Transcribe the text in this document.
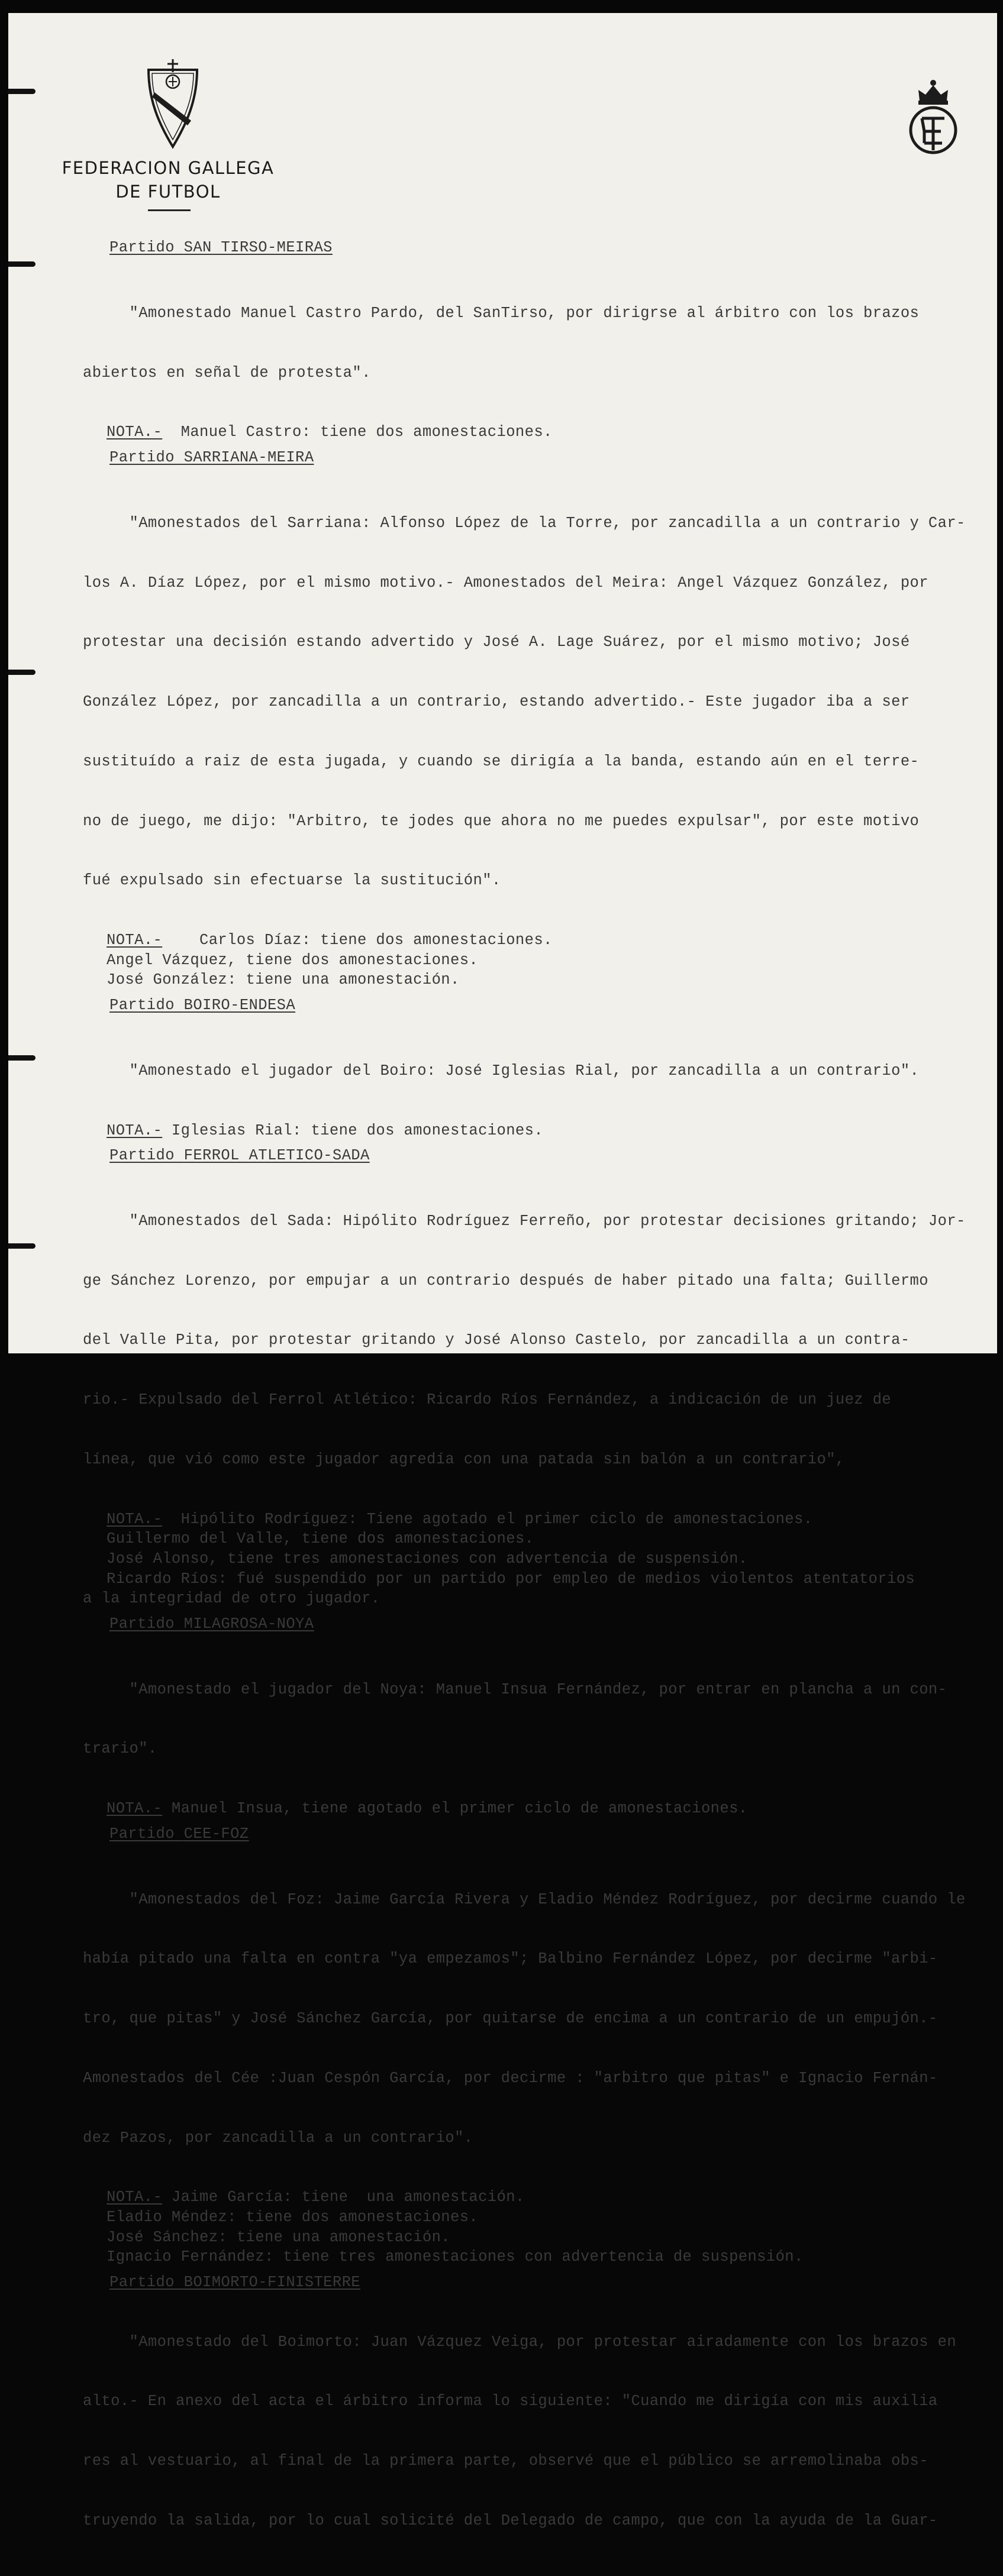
FEDERACION GALLEGA
DE FUTBOL
Partido SAN TIRSO-MEIRAS

"Amonestado Manuel Castro Pardo, del SanTirso, por dirigrse al árbitro con los brazos

abiertos en señal de protesta".

NOTA.- Manuel Castro: tiene dos amonestaciones.
Partido SARRIANA-MEIRA

"Amonestados del Sarriana: Alfonso López de la Torre, por zancadilla a un contrario y Car-

los A. Díaz López, por el mismo motivo.- Amonestados del Meira: Angel Vázquez González, por

protestar una decisión estando advertido y José A. Lage Suárez, por el mismo motivo; José

González López, por zancadilla a un contrario, estando advertido.- Este jugador iba a ser

sustituído a raiz de esta jugada, y cuando se dirigía a la banda, estando aún en el terre-

no de juego, me dijo: "Arbitro, te jodes que ahora no me puedes expulsar", por este motivo

fué expulsado sin efectuarse la sustitución".

NOTA.-    Carlos Díaz: tiene dos amonestaciones.
Angel Vázquez, tiene dos amonestaciones.
José González: tiene una amonestación.
Partido BOIRO-ENDESA

"Amonestado el jugador del Boiro: José Iglesias Rial, por zancadilla a un contrario".

NOTA.- Iglesias Rial: tiene dos amonestaciones.
Partido FERROL ATLETICO-SADA

"Amonestados del Sada: Hipólito Rodríguez Ferreño, por protestar decisiones gritando; Jor-

ge Sánchez Lorenzo, por empujar a un contrario después de haber pitado una falta; Guillermo

del Valle Pita, por protestar gritando y José Alonso Castelo, por zancadilla a un contra-

rio.- Expulsado del Ferrol Atlético: Ricardo Ríos Fernández, a indicación de un juez de

línea, que vió como este jugador agredía con una patada sin balón a un contrario",

NOTA.- Hipólito Rodríguez: Tiene agotado el primer ciclo de amonestaciones.
Guillermo del Valle, tiene dos amonestaciones.
José Alonso, tiene tres amonestaciones con advertencia de suspensión.
Ricardo Ríos: fué suspendido por un partido por empleo de medios violentos atentatorios
a la integridad de otro jugador.
Partido MILAGROSA-NOYA

"Amonestado el jugador del Noya: Manuel Insua Fernández, por entrar en plancha a un con-

trario".

NOTA.- Manuel Insua, tiene agotado el primer ciclo de amonestaciones.
Partido CEE-FOZ

"Amonestados del Foz: Jaime García Rivera y Eladio Méndez Rodríguez, por decirme cuando le

había pitado una falta en contra "ya empezamos"; Balbino Fernández López, por decirme "arbi-

tro, que pitas" y José Sánchez García, por quitarse de encima a un contrario de un empujón.-

Amonestados del Cée :Juan Cespón García, por decirme : "arbitro que pitas" e Ignacio Fernán-

dez Pazos, por zancadilla a un contrario".

NOTA.- Jaime García: tiene  una amonestación.
Eladio Méndez: tiene dos amonestaciones.
José Sánchez: tiene una amonestación.
Ignacio Fernández: tiene tres amonestaciones con advertencia de suspensión.
Partido BOIMORTO-FINISTERRE

"Amonestado del Boimorto: Juan Vázquez Veiga, por protestar airadamente con los brazos en

alto.- En anexo del acta el árbitro informa lo siguiente: "Cuando me dirigía con mis auxilia

res al vestuario, al final de la primera parte, observé que el público se arremolinaba obs-

truyendo la salida, por lo cual solicité del Delegado de campo, que con la ayuda de la Guar-
